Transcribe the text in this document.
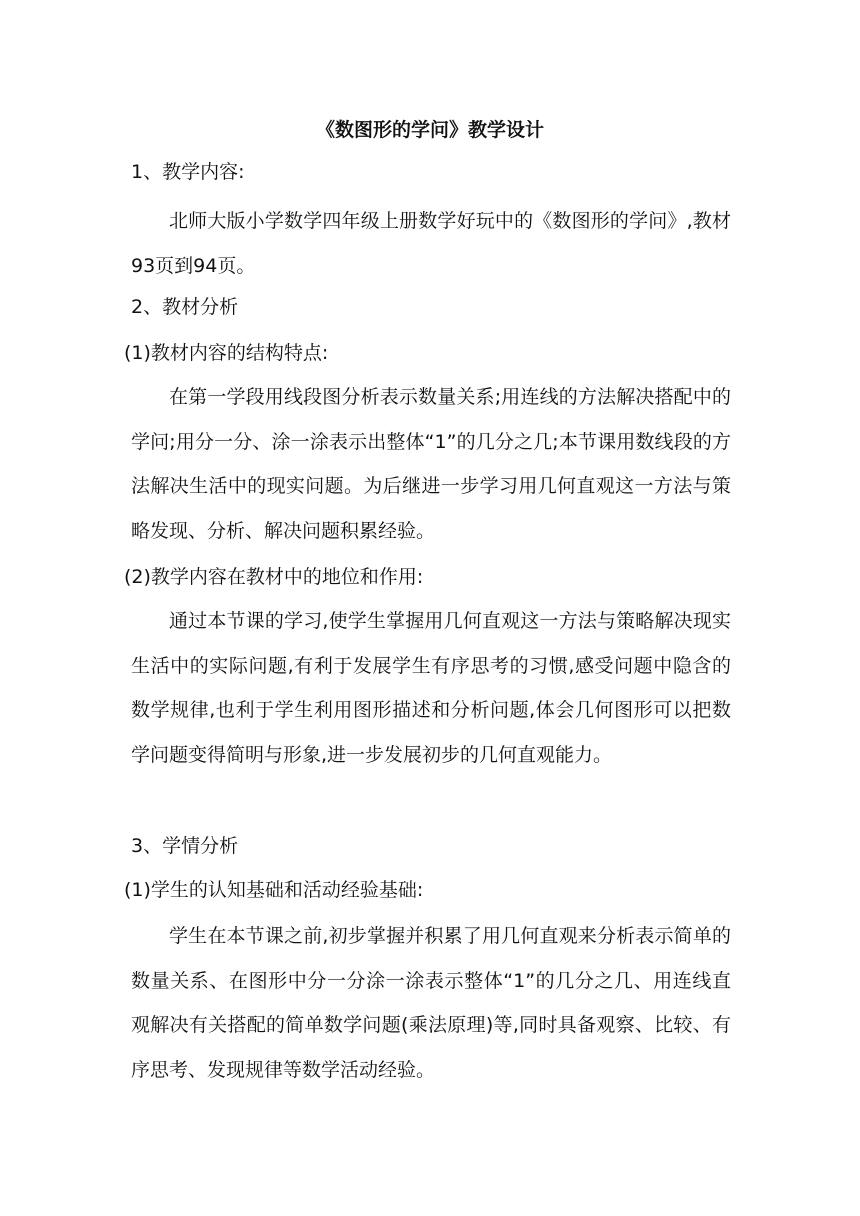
《数图形的学问》教学设计
1、教学内容:
北师大版小学数学四年级上册数学好玩中的《数图形的学问》,教材93页到94页。
2、教材分析
(1)教材内容的结构特点:
在第一学段用线段图分析表示数量关系;用连线的方法解决搭配中的学问;用分一分、涂一涂表示出整体“1”的几分之几;本节课用数线段的方法解决生活中的现实问题。为后继进一步学习用几何直观这一方法与策略发现、分析、解决问题积累经验。
(2)教学内容在教材中的地位和作用:
通过本节课的学习,使学生掌握用几何直观这一方法与策略解决现实生活中的实际问题,有利于发展学生有序思考的习惯,感受问题中隐含的数学规律,也利于学生利用图形描述和分析问题,体会几何图形可以把数学问题变得简明与形象,进一步发展初步的几何直观能力。
3、学情分析
(1)学生的认知基础和活动经验基础:
学生在本节课之前,初步掌握并积累了用几何直观来分析表示简单的数量关系、在图形中分一分涂一涂表示整体“1”的几分之几、用连线直观解决有关搭配的简单数学问题(乘法原理)等,同时具备观察、比较、有序思考、发现规律等数学活动经验。
